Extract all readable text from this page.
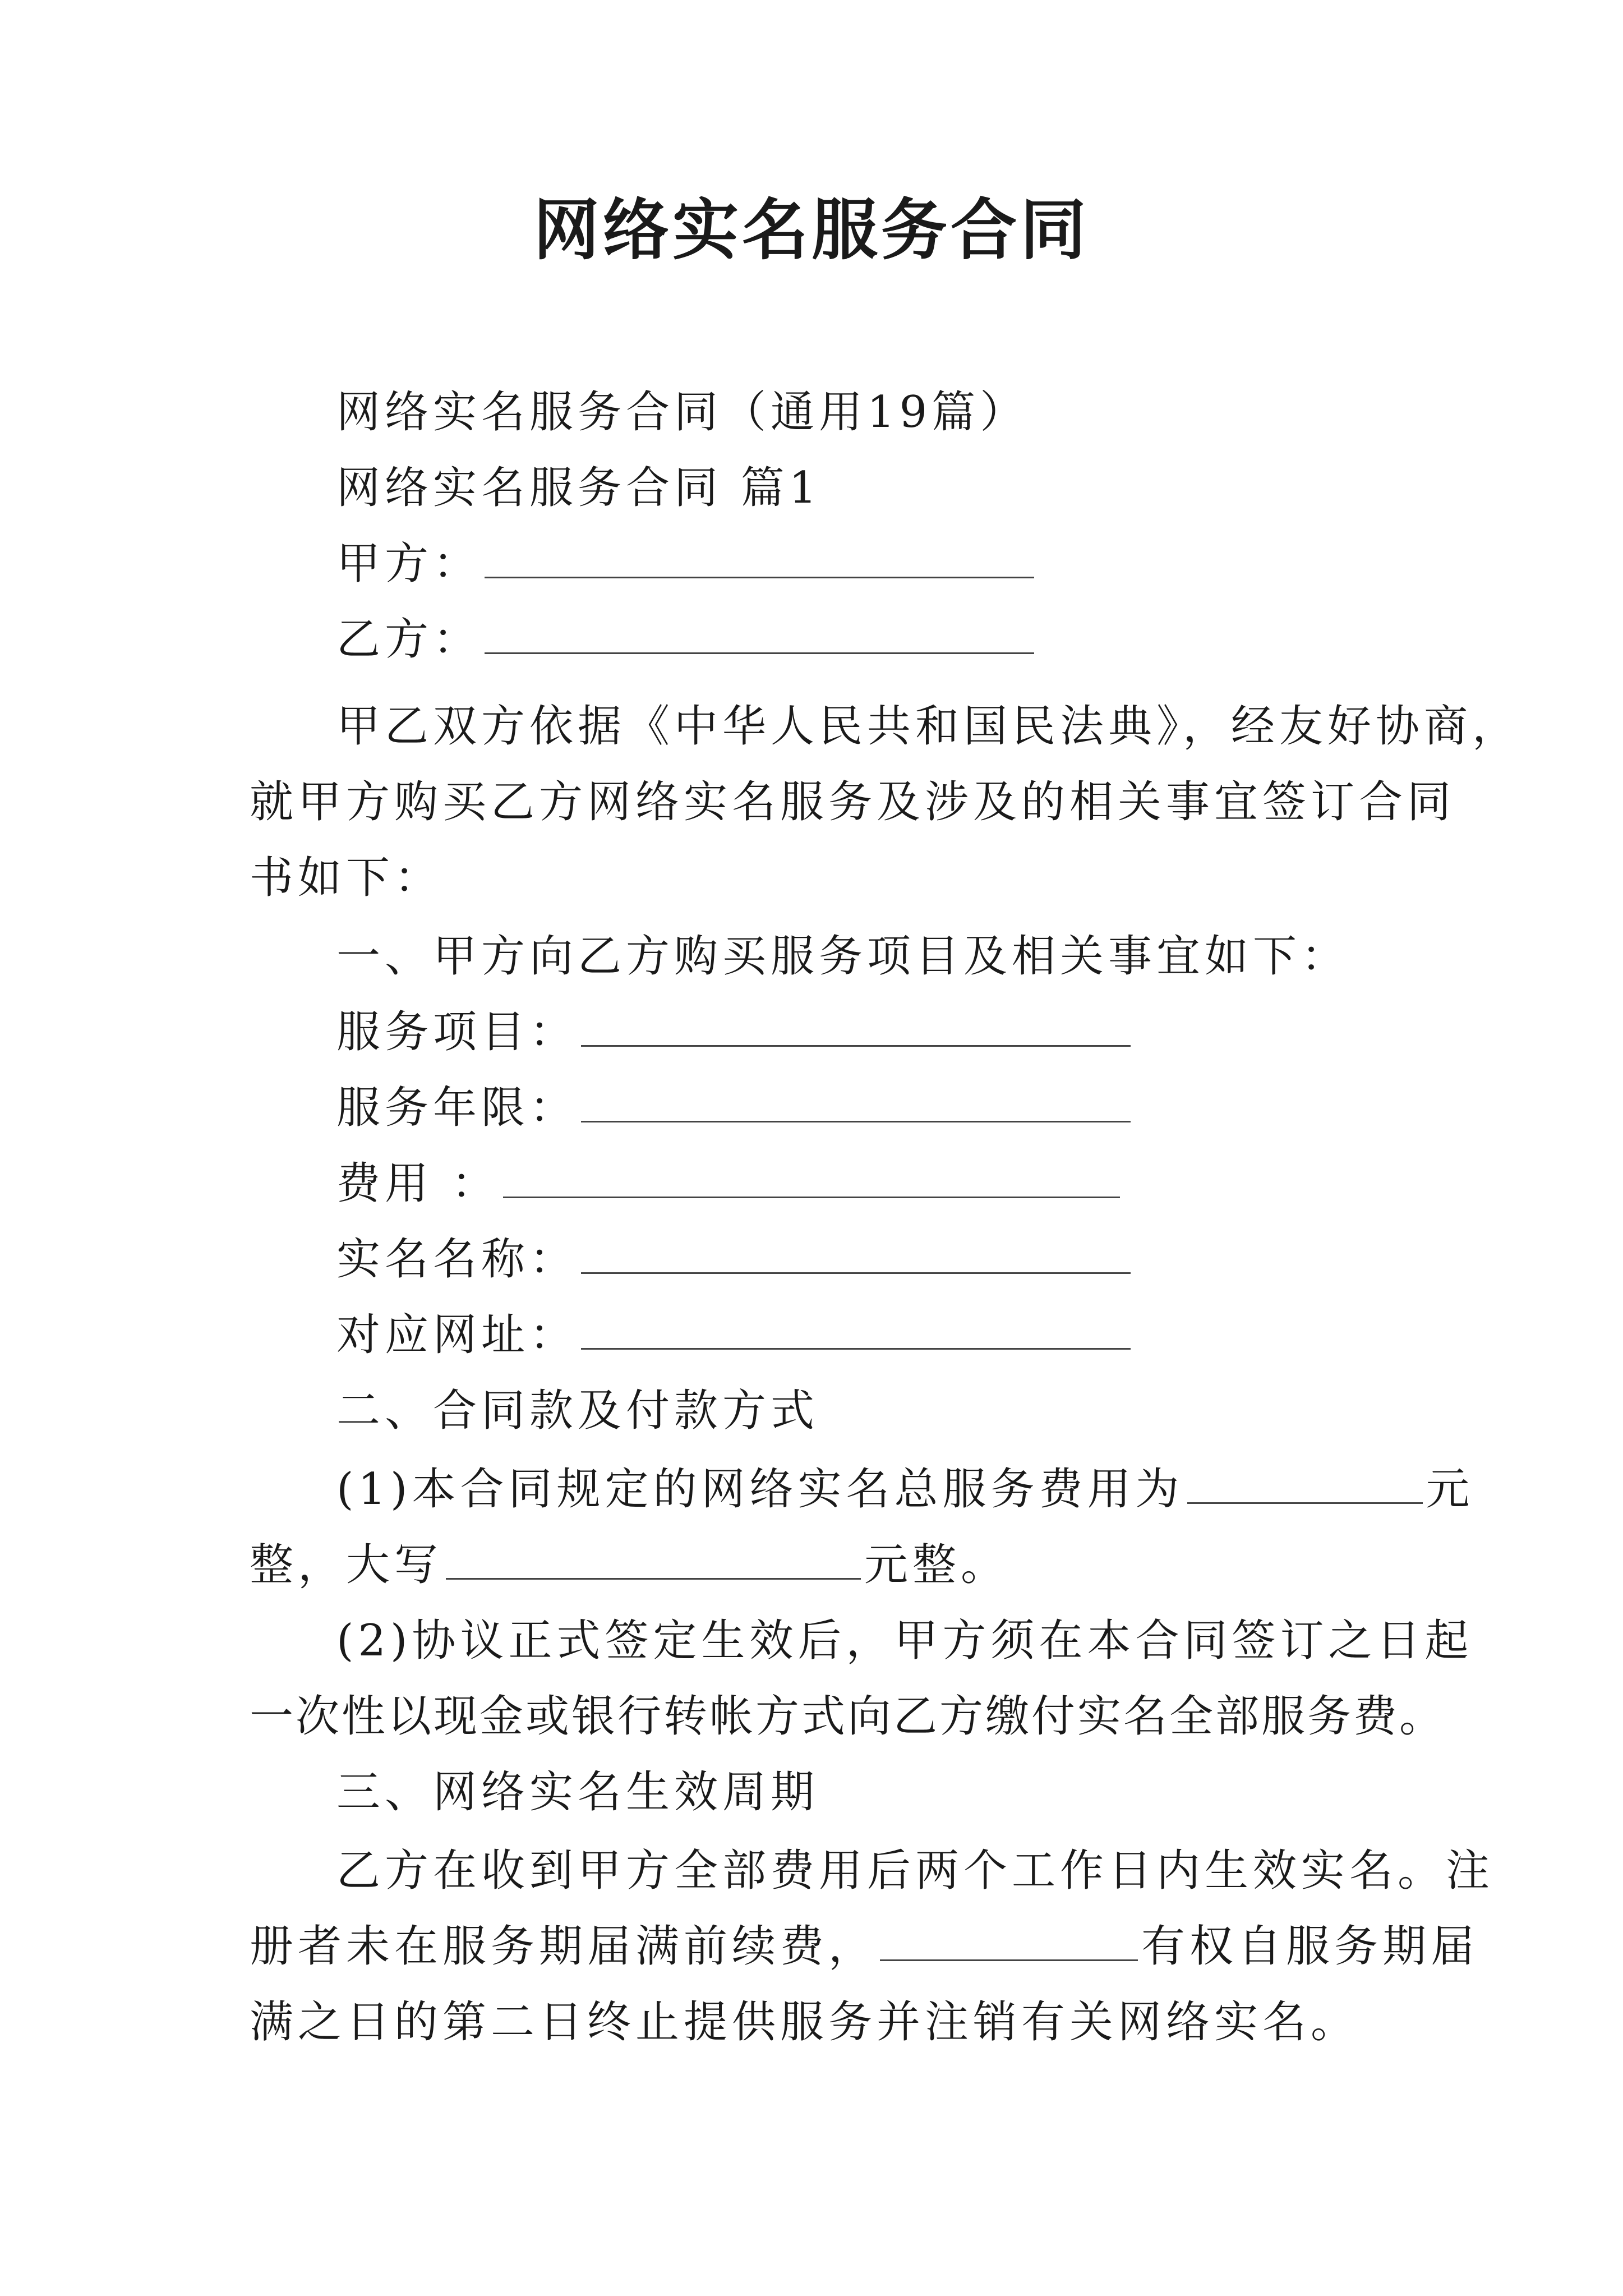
网络实名服务合同
网络实名服务合同（通用19篇）
网络实名服务合同 篇1
甲方：
乙方：
甲乙双方依据《中华人民共和国民法典》，经友好协商，
就甲方购买乙方网络实名服务及涉及的相关事宜签订合同
书如下：
一、甲方向乙方购买服务项目及相关事宜如下：
服务项目：
服务年限：
费用 ：
实名名称：
对应网址：
二、合同款及付款方式
(1)本合同规定的网络实名总服务费用为	元
整，大写	元整。
(2)协议正式签定生效后，甲方须在本合同签订之日起
一次性以现金或银行转帐方式向乙方缴付实名全部服务费。
三、网络实名生效周期
乙方在收到甲方全部费用后两个工作日内生效实名。注
册者未在服务期届满前续费，	有权自服务期届
满之日的第二日终止提供服务并注销有关网络实名。
